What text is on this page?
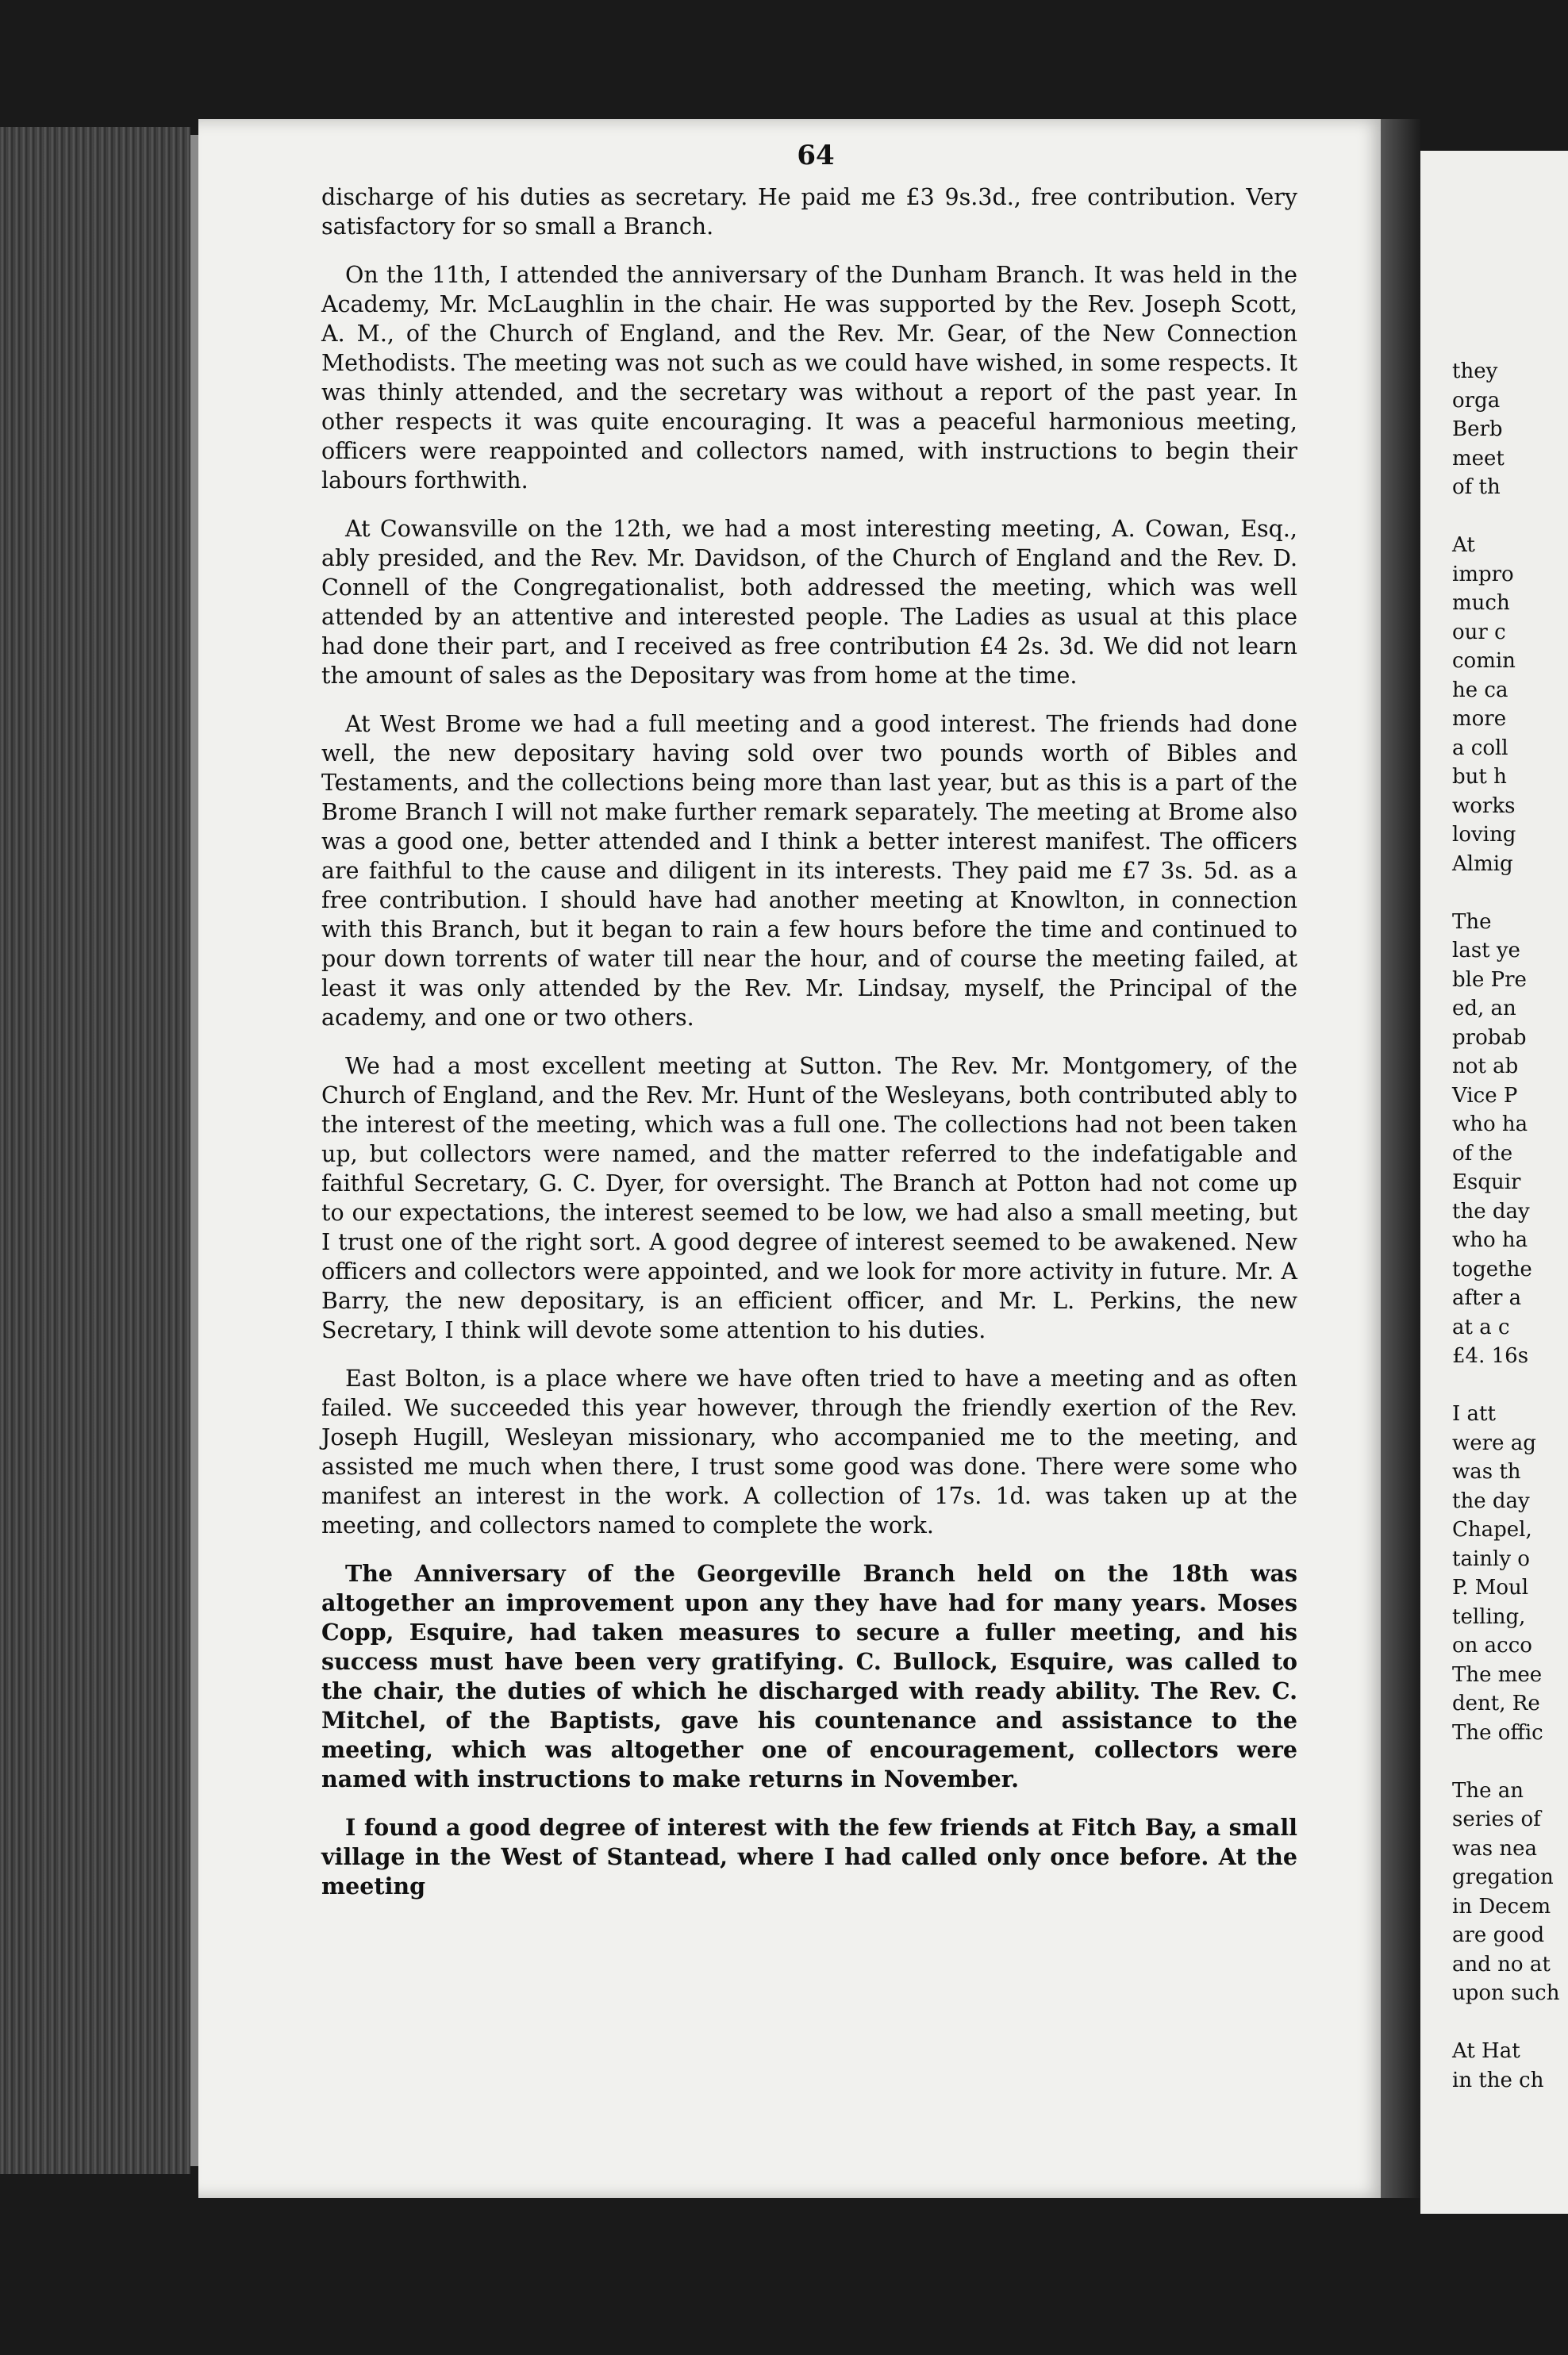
they
orga
Berb
meet
of th
At
impro
much
our c
comin
he ca
more
a coll
but h
works
loving
Almig
The
last ye
ble Pre
ed, an
probab
not ab
Vice P
who ha
of the
Esquir
the day
who ha
togethe
after a
at a c
£4. 16s
I att
were ag
was th
the day
Chapel,
tainly o
P. Moul
telling,
on acco
The mee
dent, Re
The offic
The an
series of
was nea
gregation
in Decem
are good
and no at
upon such
At Hat
in the ch
64

discharge of his duties as secretary. He paid me £3 9s.3d., free contribution. Very satisfactory for so small a Branch.

On the 11th, I attended the anniversary of the Dunham Branch. It was held in the Academy, Mr. McLaughlin in the chair. He was supported by the Rev. Joseph Scott, A. M., of the Church of England, and the Rev. Mr. Gear, of the New Connection Methodists. The meeting was not such as we could have wished, in some respects. It was thinly attended, and the secretary was without a report of the past year. In other respects it was quite encouraging. It was a peaceful harmonious meeting, officers were reappointed and collectors named, with instructions to begin their labours forthwith.

At Cowansville on the 12th, we had a most interesting meeting, A. Cowan, Esq., ably presided, and the Rev. Mr. Davidson, of the Church of England and the Rev. D. Connell of the Congregationalist, both addressed the meeting, which was well attended by an attentive and interested people. The Ladies as usual at this place had done their part, and I received as free contribution £4 2s. 3d. We did not learn the amount of sales as the Depositary was from home at the time.

At West Brome we had a full meeting and a good interest. The friends had done well, the new depositary having sold over two pounds worth of Bibles and Testaments, and the collections being more than last year, but as this is a part of the Brome Branch I will not make further remark separately. The meeting at Brome also was a good one, better attended and I think a better interest manifest. The officers are faithful to the cause and diligent in its interests. They paid me £7 3s. 5d. as a free contribution. I should have had another meeting at Knowlton, in connection with this Branch, but it began to rain a few hours before the time and continued to pour down torrents of water till near the hour, and of course the meeting failed, at least it was only attended by the Rev. Mr. Lindsay, myself, the Principal of the academy, and one or two others.

We had a most excellent meeting at Sutton. The Rev. Mr. Montgomery, of the Church of England, and the Rev. Mr. Hunt of the Wesleyans, both contributed ably to the interest of the meeting, which was a full one. The collections had not been taken up, but collectors were named, and the matter referred to the indefatigable and faithful Secretary, G. C. Dyer, for oversight. The Branch at Potton had not come up to our expectations, the interest seemed to be low, we had also a small meeting, but I trust one of the right sort. A good degree of interest seemed to be awakened. New officers and collectors were appointed, and we look for more activity in future. Mr. A Barry, the new depositary, is an efficient officer, and Mr. L. Perkins, the new Secretary, I think will devote some attention to his duties.

East Bolton, is a place where we have often tried to have a meeting and as often failed. We succeeded this year however, through the friendly exertion of the Rev. Joseph Hugill, Wesleyan missionary, who accompanied me to the meeting, and assisted me much when there, I trust some good was done. There were some who manifest an interest in the work. A collection of 17s. 1d. was taken up at the meeting, and collectors named to complete the work.

The Anniversary of the Georgeville Branch held on the 18th was altogether an improvement upon any they have had for many years. Moses Copp, Esquire, had taken measures to secure a fuller meeting, and his success must have been very gratifying. C. Bullock, Esquire, was called to the chair, the duties of which he discharged with ready ability. The Rev. C. Mitchel, of the Baptists, gave his countenance and assistance to the meeting, which was altogether one of encouragement, collectors were named with instructions to make returns in November.

I found a good degree of interest with the few friends at Fitch Bay, a small village in the West of Stantead, where I had called only once before. At the meeting
